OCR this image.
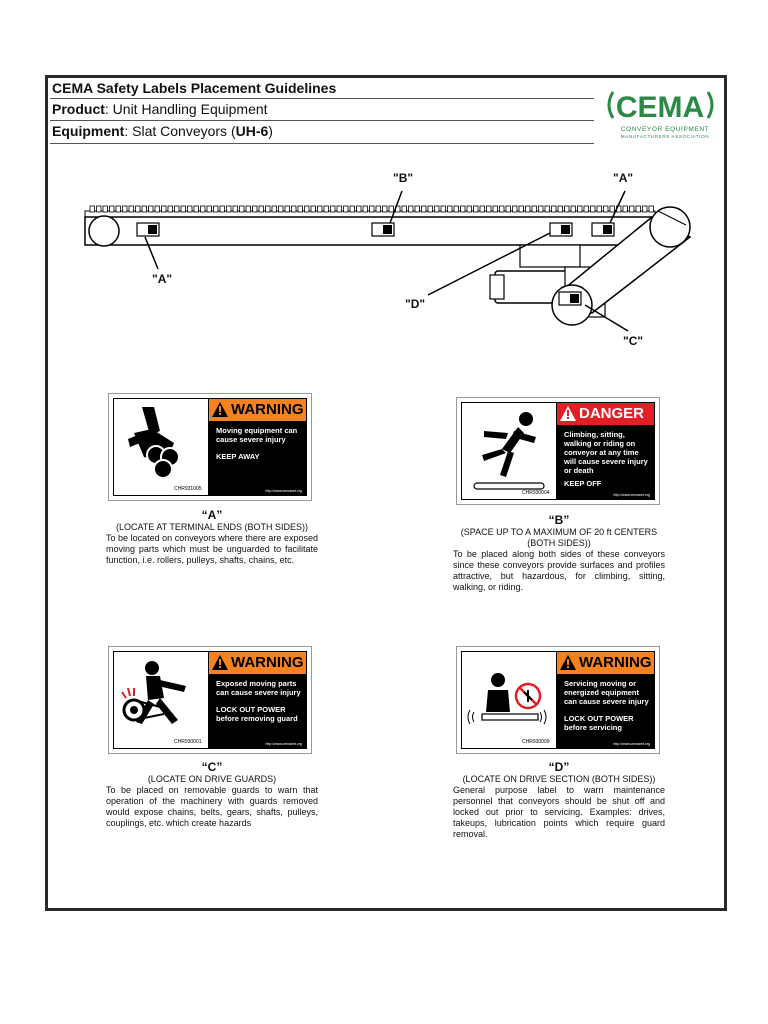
CEMA Safety Labels Placement Guidelines
Product: Unit Handling Equipment
Equipment: Slat Conveyors (UH-6)
CEMA
CONVEYOR EQUIPMENT
MANUFACTURERS ASSOCIATION
"A"
"B"	"A"
"D"
"C"
CHR931005
WARNING
Moving equipment can cause severe injury
KEEP AWAY
http://www.cemanet.org	CHR930004
DANGER
Climbing, sitting, walking or riding on conveyor at any time will cause severe injury or death
KEEP OFF
http://www.cemanet.org
CHR930001
WARNING
Exposed moving parts can cause severe injury
LOCK OUT POWER before removing guard
http://www.cemanet.org	CHR930009
WARNING
Servicing moving or energized equipment can cause severe injury
LOCK OUT POWER before servicing
http://www.cemanet.org
“A”
(LOCATE AT TERMINAL ENDS (BOTH SIDES))
To be located on conveyors where there are exposed moving parts which must be unguarded to facilitate function, i.e. rollers, pulleys, shafts, chains, etc.
“B”
(SPACE UP TO A MAXIMUM OF 20 ft CENTERS (BOTH SIDES))
To be placed along both sides of these conveyors since these conveyors provide surfaces and profiles attractive, but hazardous, for climbing, sitting, walking, or riding.
“C”
(LOCATE ON DRIVE GUARDS)
To be placed on removable guards to warn that operation of the machinery with guards removed would expose chains, belts, gears, shafts, pulleys, couplings, etc. which create hazards
“D”
(LOCATE ON DRIVE SECTION (BOTH SIDES))
General purpose label to warn maintenance personnel that conveyors should be shut off and locked out prior to servicing. Examples: drives, takeups, lubrication points which require guard removal.
